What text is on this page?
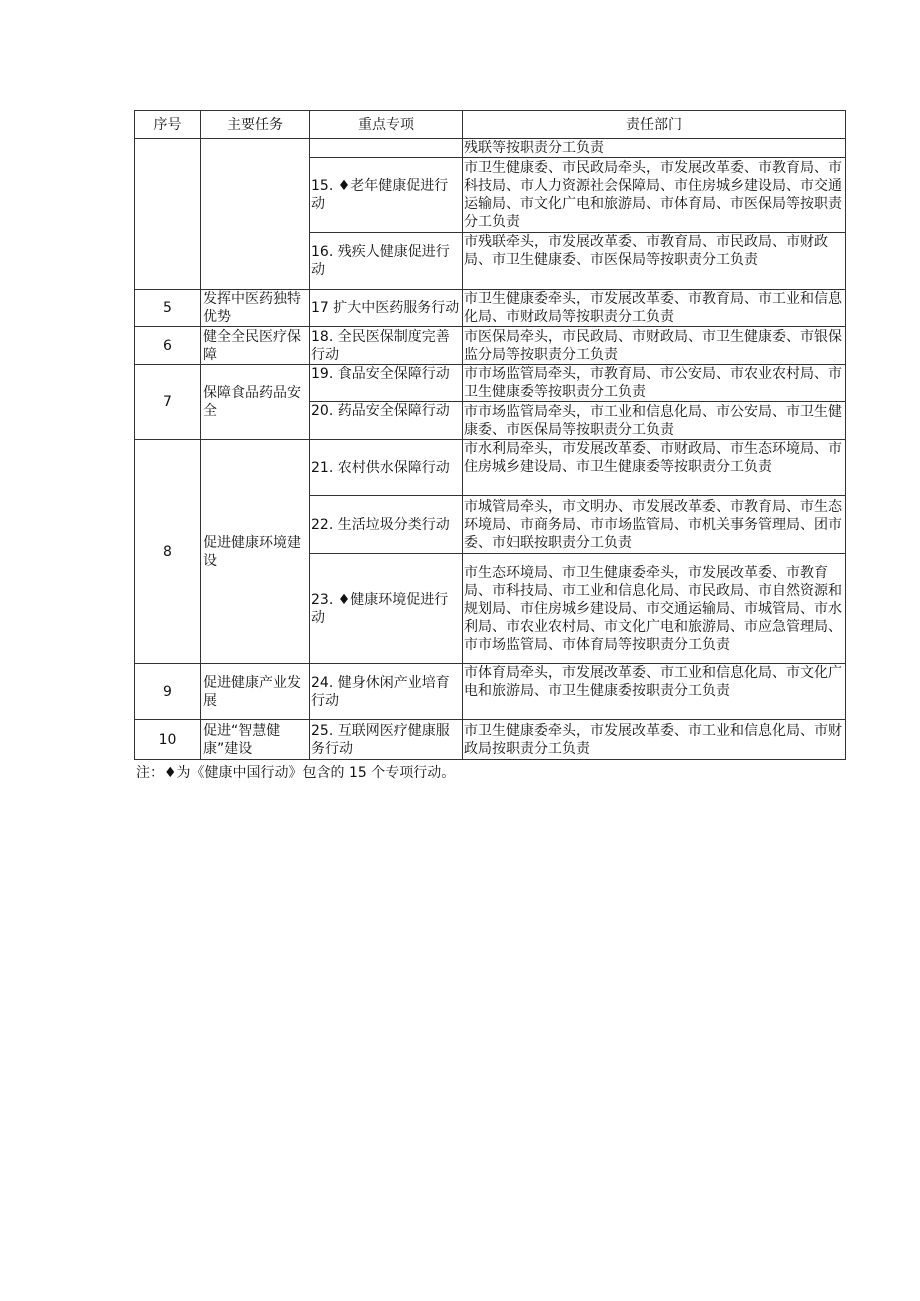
序号	主要任务	重点专项	责任部门
			残联等按职责分工负责
		15. ♦老年健康促进行动	市卫生健康委、市民政局牵头，市发展改革委、市教育局、市科技局、市人力资源社会保障局、市住房城乡建设局、市交通运输局、市文化广电和旅游局、市体育局、市医保局等按职责分工负责
		16. 残疾人健康促进行动	市残联牵头，市发展改革委、市教育局、市民政局、市财政局、市卫生健康委、市医保局等按职责分工负责
5	发挥中医药独特优势	17 扩大中医药服务行动	市卫生健康委牵头，市发展改革委、市教育局、市工业和信息化局、市财政局等按职责分工负责
6	健全全民医疗保障	18. 全民医保制度完善行动	市医保局牵头，市民政局、市财政局、市卫生健康委、市银保监分局等按职责分工负责
7	保障食品药品安全	19. 食品安全保障行动	市市场监管局牵头，市教育局、市公安局、市农业农村局、市卫生健康委等按职责分工负责
		20. 药品安全保障行动	市市场监管局牵头，市工业和信息化局、市公安局、市卫生健康委、市医保局等按职责分工负责
8	促进健康环境建设	21. 农村供水保障行动	市水利局牵头，市发展改革委、市财政局、市生态环境局、市住房城乡建设局、市卫生健康委等按职责分工负责
		22. 生活垃圾分类行动	市城管局牵头，市文明办、市发展改革委、市教育局、市生态环境局、市商务局、市市场监管局、市机关事务管理局、团市委、市妇联按职责分工负责
		23. ♦健康环境促进行动	市生态环境局、市卫生健康委牵头，市发展改革委、市教育局、市科技局、市工业和信息化局、市民政局、市自然资源和规划局、市住房城乡建设局、市交通运输局、市城管局、市水利局、市农业农村局、市文化广电和旅游局、市应急管理局、市市场监管局、市体育局等按职责分工负责
9	促进健康产业发展	24. 健身休闲产业培育行动	市体育局牵头，市发展改革委、市工业和信息化局、市文化广电和旅游局、市卫生健康委按职责分工负责
10	促进“智慧健康”建设	25. 互联网医疗健康服务行动	市卫生健康委牵头，市发展改革委、市工业和信息化局、市财政局按职责分工负责
注：♦为《健康中国行动》包含的 15 个专项行动。
